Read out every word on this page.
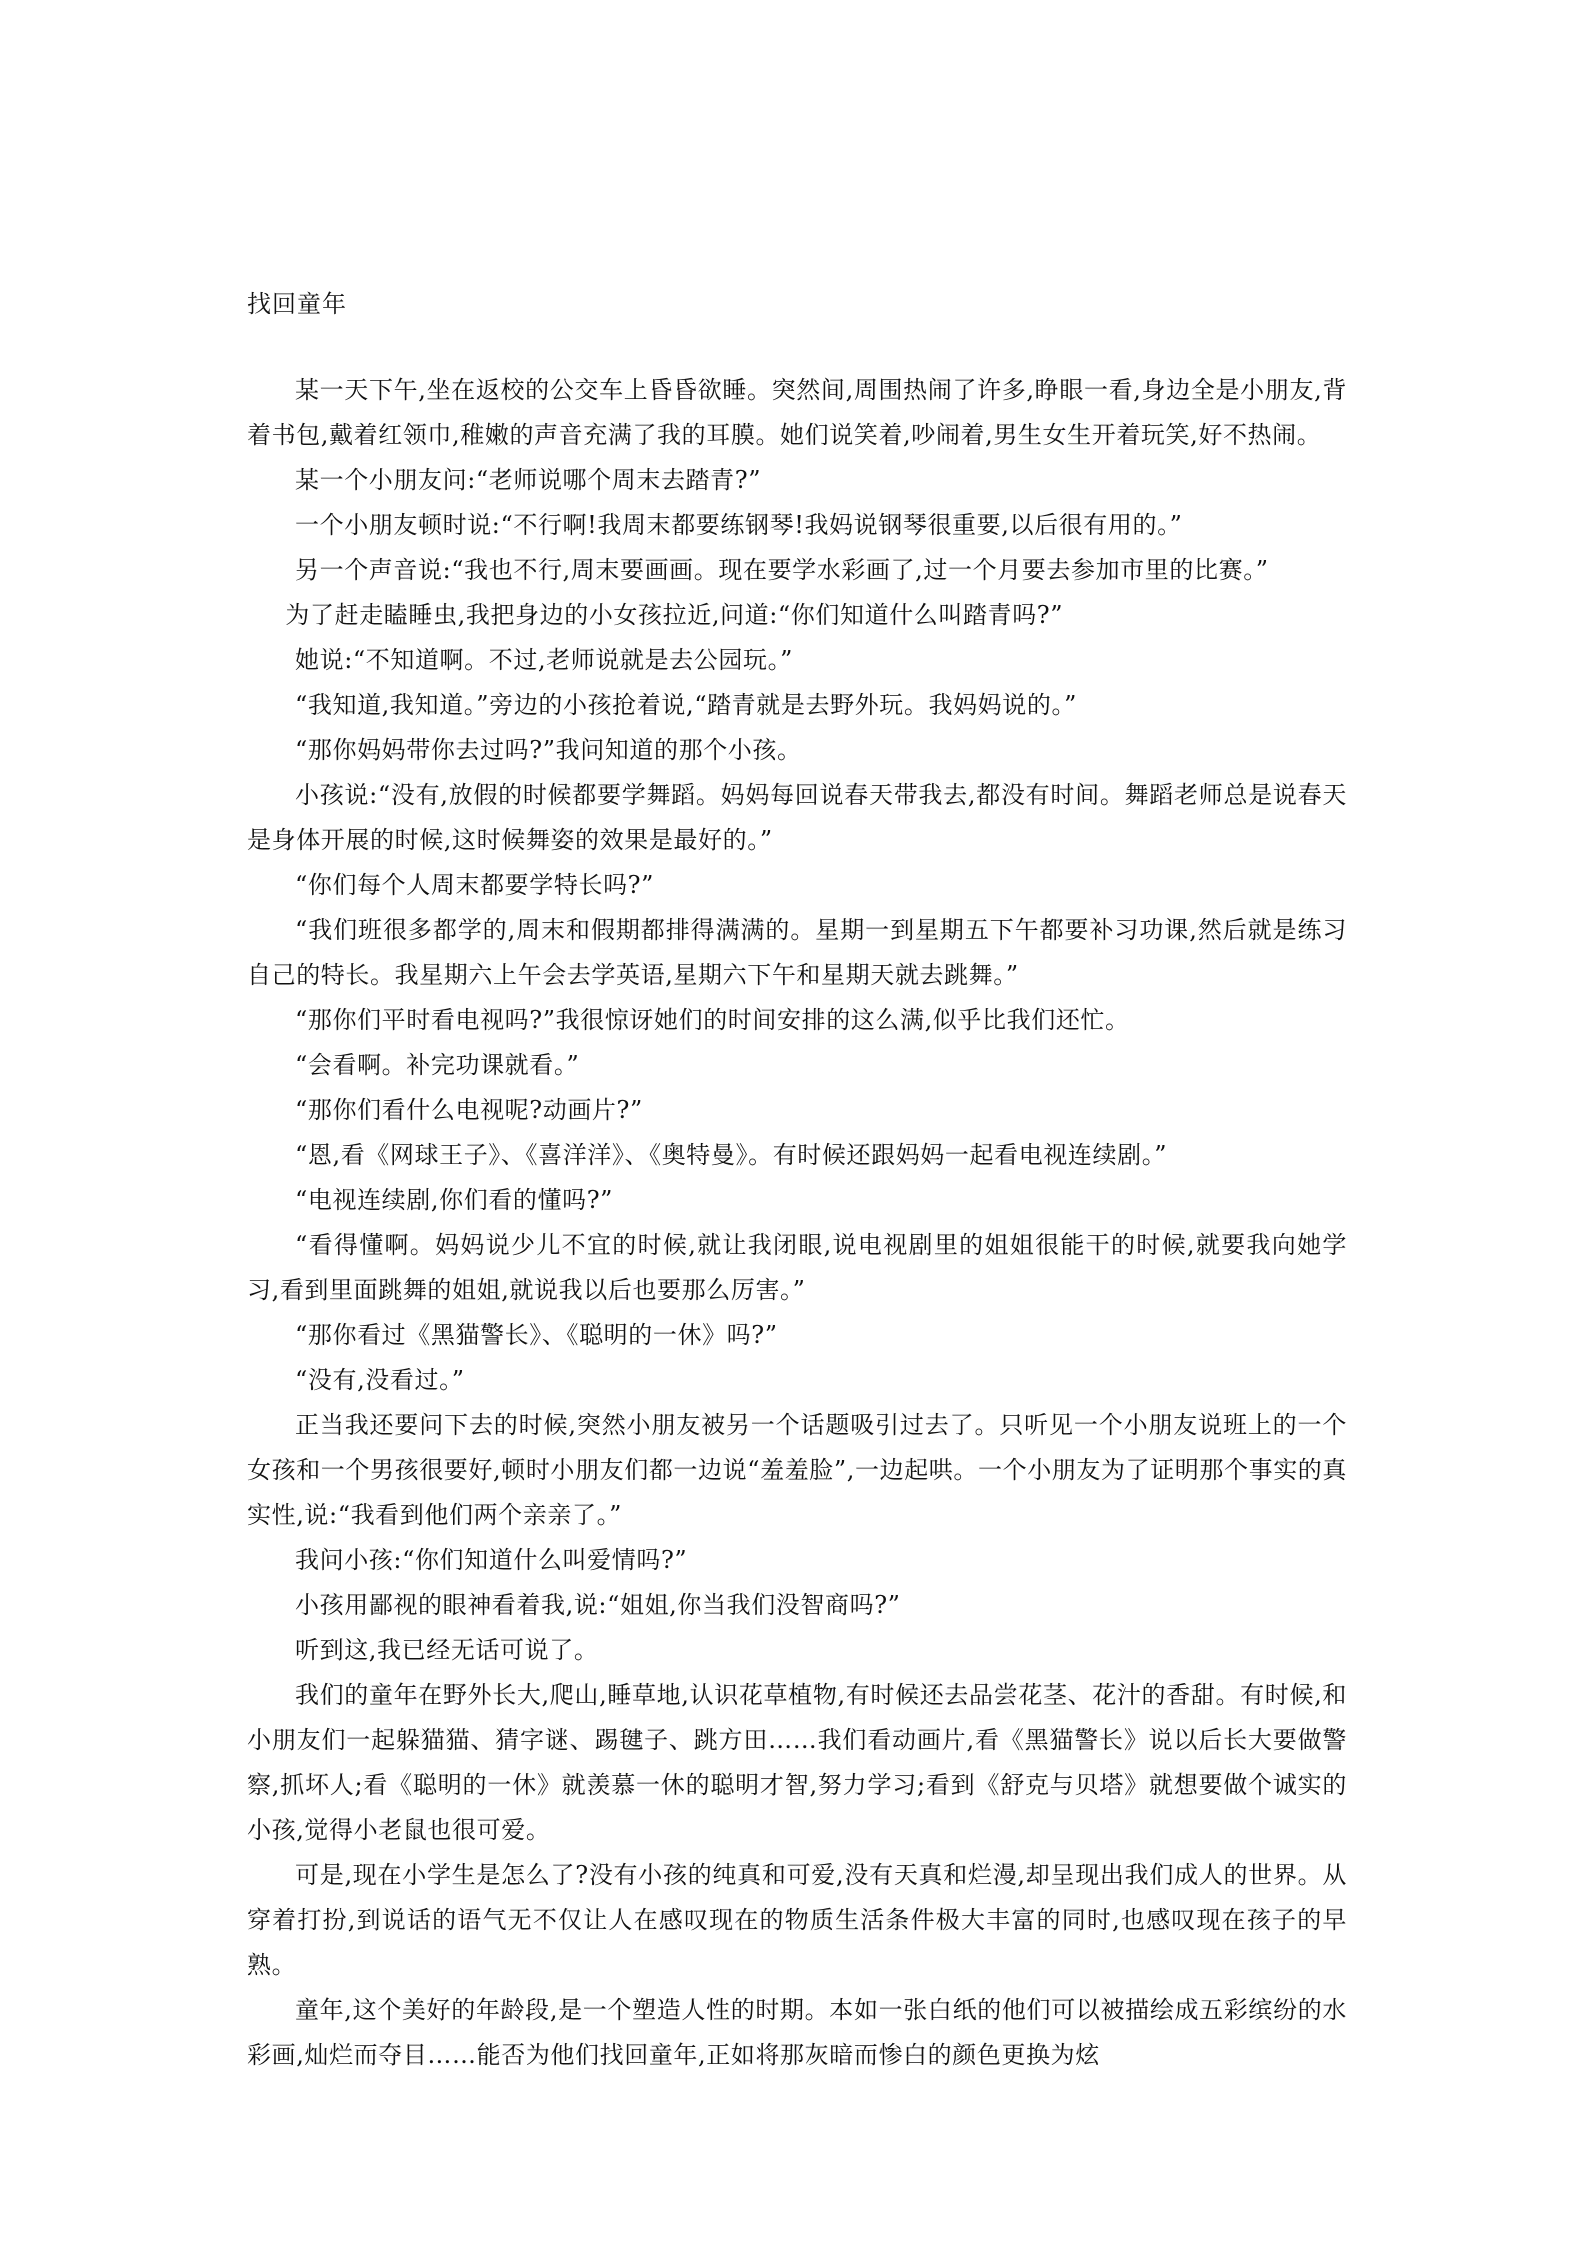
找回童年

某一天下午,坐在返校的公交车上昏昏欲睡。突然间,周围热闹了许多,睁眼一看,身边全是小朋友,背着书包,戴着红领巾,稚嫩的声音充满了我的耳膜。她们说笑着,吵闹着,男生女生开着玩笑,好不热闹。

某一个小朋友问:“老师说哪个周末去踏青?”

一个小朋友顿时说:“不行啊!我周末都要练钢琴!我妈说钢琴很重要,以后很有用的。”

另一个声音说:“我也不行,周末要画画。现在要学水彩画了,过一个月要去参加市里的比赛。”

为了赶走瞌睡虫,我把身边的小女孩拉近,问道:“你们知道什么叫踏青吗?”

她说:“不知道啊。不过,老师说就是去公园玩。”

“我知道,我知道。”旁边的小孩抢着说,“踏青就是去野外玩。我妈妈说的。”

“那你妈妈带你去过吗?”我问知道的那个小孩。

小孩说:“没有,放假的时候都要学舞蹈。妈妈每回说春天带我去,都没有时间。舞蹈老师总是说春天是身体开展的时候,这时候舞姿的效果是最好的。”

“你们每个人周末都要学特长吗?”

“我们班很多都学的,周末和假期都排得满满的。星期一到星期五下午都要补习功课,然后就是练习自己的特长。我星期六上午会去学英语,星期六下午和星期天就去跳舞。”

“那你们平时看电视吗?”我很惊讶她们的时间安排的这么满,似乎比我们还忙。

“会看啊。补完功课就看。”

“那你们看什么电视呢?动画片?”

“恩,看《网球王子》、《喜洋洋》、《奥特曼》。有时候还跟妈妈一起看电视连续剧。”

“电视连续剧,你们看的懂吗?”

“看得懂啊。妈妈说少儿不宜的时候,就让我闭眼,说电视剧里的姐姐很能干的时候,就要我向她学习,看到里面跳舞的姐姐,就说我以后也要那么厉害。”

“那你看过《黑猫警长》、《聪明的一休》吗?”

“没有,没看过。”

正当我还要问下去的时候,突然小朋友被另一个话题吸引过去了。只听见一个小朋友说班上的一个女孩和一个男孩很要好,顿时小朋友们都一边说“羞羞脸”,一边起哄。一个小朋友为了证明那个事实的真实性,说:“我看到他们两个亲亲了。”

我问小孩:“你们知道什么叫爱情吗?”

小孩用鄙视的眼神看着我,说:“姐姐,你当我们没智商吗?”

听到这,我已经无话可说了。

我们的童年在野外长大,爬山,睡草地,认识花草植物,有时候还去品尝花茎、花汁的香甜。有时候,和小朋友们一起躲猫猫、猜字谜、踢毽子、跳方田……我们看动画片,看《黑猫警长》说以后长大要做警察,抓坏人;看《聪明的一休》就羡慕一休的聪明才智,努力学习;看到《舒克与贝塔》就想要做个诚实的小孩,觉得小老鼠也很可爱。

可是,现在小学生是怎么了?没有小孩的纯真和可爱,没有天真和烂漫,却呈现出我们成人的世界。从穿着打扮,到说话的语气无不仅让人在感叹现在的物质生活条件极大丰富的同时,也感叹现在孩子的早熟。

童年,这个美好的年龄段,是一个塑造人性的时期。本如一张白纸的他们可以被描绘成五彩缤纷的水彩画,灿烂而夺目……能否为他们找回童年,正如将那灰暗而惨白的颜色更换为炫
